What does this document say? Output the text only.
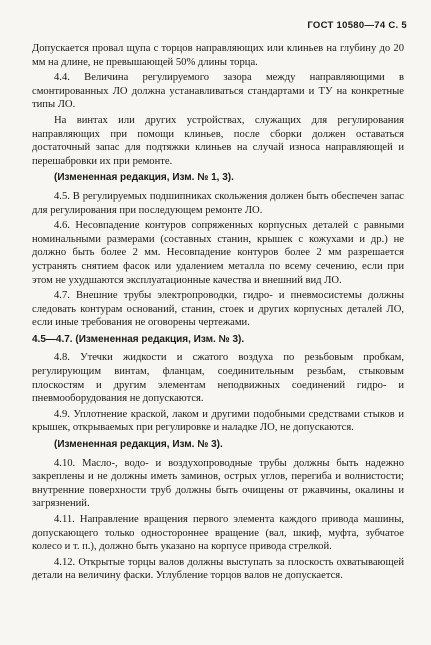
ГОСТ 10580—74 С. 5

Допускается провал щупа с торцов направляющих или клиньев на глубину до 20 мм на длине, не превышающей 50% длины торца.

4.4. Величина регулируемого зазора между направляющими в смонтированных ЛО должна устанавливаться стандартами и ТУ на конкретные типы ЛО.

На винтах или других устройствах, служащих для регулирования направляющих при помощи клиньев, после сборки должен оставаться достаточный запас для подтяжки клиньев на случай износа направляющей и перешабровки их при ремонте.

(Измененная редакция, Изм. № 1, 3).

4.5. В регулируемых подшипниках скольжения должен быть обеспечен запас для регулирования при последующем ремонте ЛО.

4.6. Несовпадение контуров сопряженных корпусных деталей с равными номинальными размерами (составных станин, крышек с кожухами и др.) не должно быть более 2 мм. Несовпадение контуров более 2 мм разрешается устранять снятием фасок или удалением металла по всему сечению, если при этом не ухудшаются эксплуатационные качества и внешний вид ЛО.

4.7. Внешние трубы электропроводки, гидро- и пневмосистемы должны следовать контурам оснований, станин, стоек и других корпусных деталей ЛО, если иные требования не оговорены чертежами.

4.5—4.7. (Измененная редакция, Изм. № 3).

4.8. Утечки жидкости и сжатого воздуха по резьбовым пробкам, регулирующим винтам, фланцам, соединительным резьбам, стыковым плоскостям и другим элементам неподвижных соединений гидро- и пневмооборудования не допускаются.

4.9. Уплотнение краской, лаком и другими подобными средствами стыков и крышек, открываемых при регулировке и наладке ЛО, не допускаются.

(Измененная редакция, Изм. № 3).

4.10. Масло-, водо- и воздухопроводные трубы должны быть надежно закреплены и не должны иметь заминов, острых углов, перегиба и волнистости; внутренние поверхности труб должны быть очищены от ржавчины, окалины и загрязнений.

4.11. Направление вращения первого элемента каждого привода машины, допускающего только одностороннее вращение (вал, шкиф, муфта, зубчатое колесо и т. п.), должно быть указано на корпусе привода стрелкой.

4.12. Открытые торцы валов должны выступать за плоскость охватывающей детали на величину фаски. Углубление торцов валов не допускается.
